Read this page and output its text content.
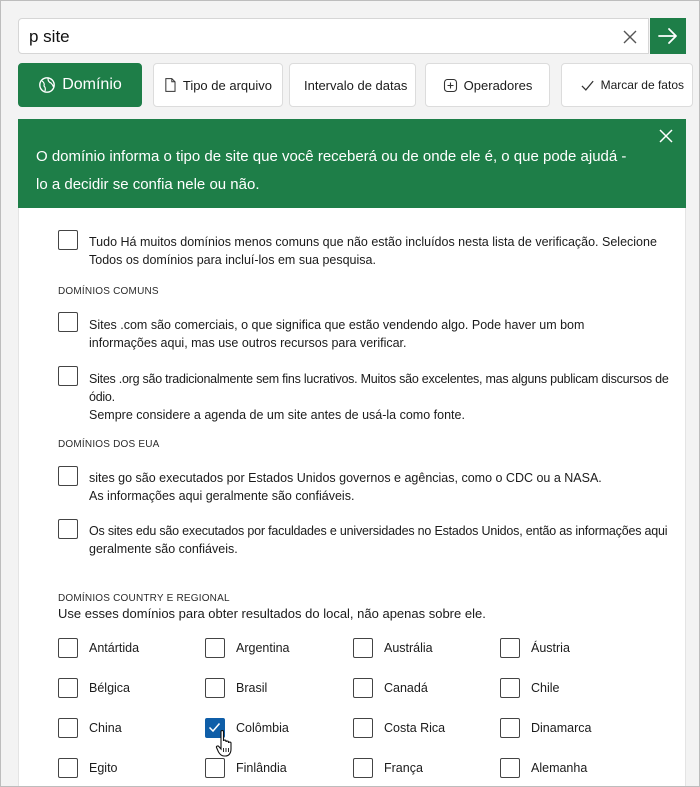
p site
Domínio	Tipo de arquivo Intervalo de datas	Operadores	Marcar de fatos
O domínio informa o tipo de site que você receberá ou de onde ele é, o que pode ajudá -lo a decidir se confia nele ou não.
Tudo Há muitos domínios menos comuns que não estão incluídos nesta lista de verificação. Selecione
Todos os domínios para incluí-los em sua pesquisa.
DOMÍNIOS COMUNS
Sites .com são comerciais, o que significa que estão vendendo algo. Pode haver um bom
informações aqui, mas use outros recursos para verificar.
Sites .org são tradicionalmente sem fins lucrativos. Muitos são excelentes, mas alguns publicam discursos de ódio.
Sempre considere a agenda de um site antes de usá-la como fonte.
DOMÍNIOS DOS EUA
sites go são executados por Estados Unidos governos e agências, como o CDC ou a NASA.
As informações aqui geralmente são confiáveis.
Os sites edu são executados por faculdades e universidades no Estados Unidos, então as informações aqui
geralmente são confiáveis.
DOMÍNIOS COUNTRY E REGIONAL
Use esses domínios para obter resultados do local, não apenas sobre ele.
Antártida	Argentina	Austrália	Áustria
Bélgica	Brasil	Canadá	Chile
China	Colômbia	Costa Rica	Dinamarca
Egito	Finlândia	França	Alemanha
